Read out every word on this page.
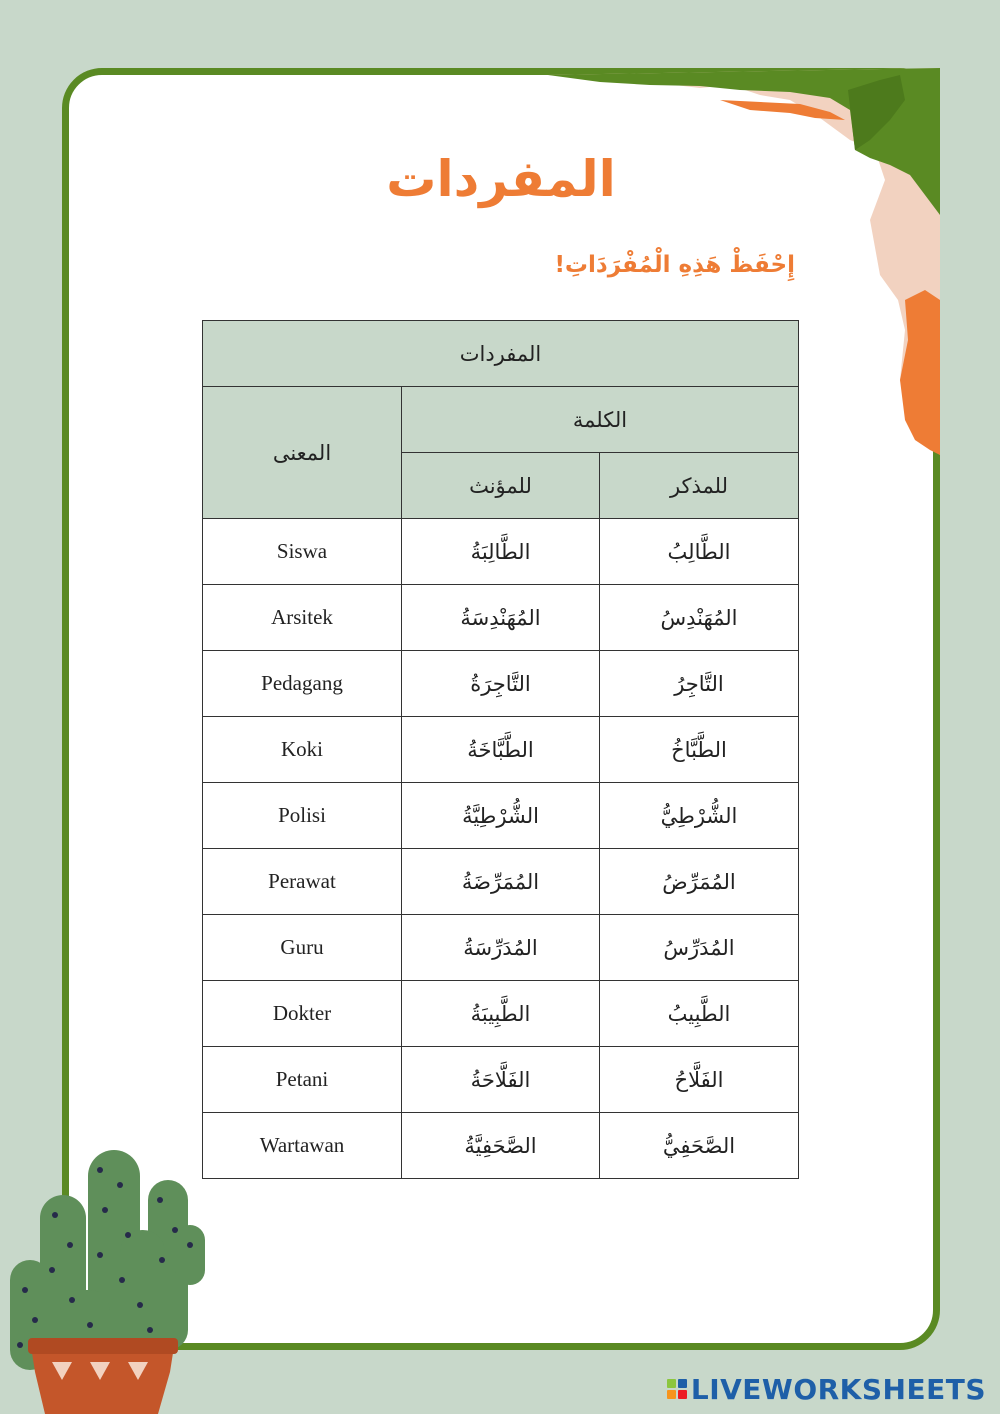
المفردات
إِحْفَظْ هَذِهِ الْمُفْرَدَاتِ!
المفردات		
المعنى	الكلمة	
	للمؤنث	للمذكر
Siswa	الطَّالِبَةُ	الطَّالِبُ
Arsitek	المُهَنْدِسَةُ	المُهَنْدِسُ
Pedagang	التَّاجِرَةُ	التَّاجِرُ
Koki	الطَّبَّاخَةُ	الطَّبَّاخُ
Polisi	الشُّرْطِيَّةُ	الشُّرْطِيُّ
Perawat	المُمَرِّضَةُ	المُمَرِّضُ
Guru	المُدَرِّسَةُ	المُدَرِّسُ
Dokter	الطَّبِيبَةُ	الطَّبِيبُ
Petani	الفَلَّاحَةُ	الفَلَّاحُ
Wartawan	الصَّحَفِيَّةُ	الصَّحَفِيُّ
LIVEWORKSHEETS
